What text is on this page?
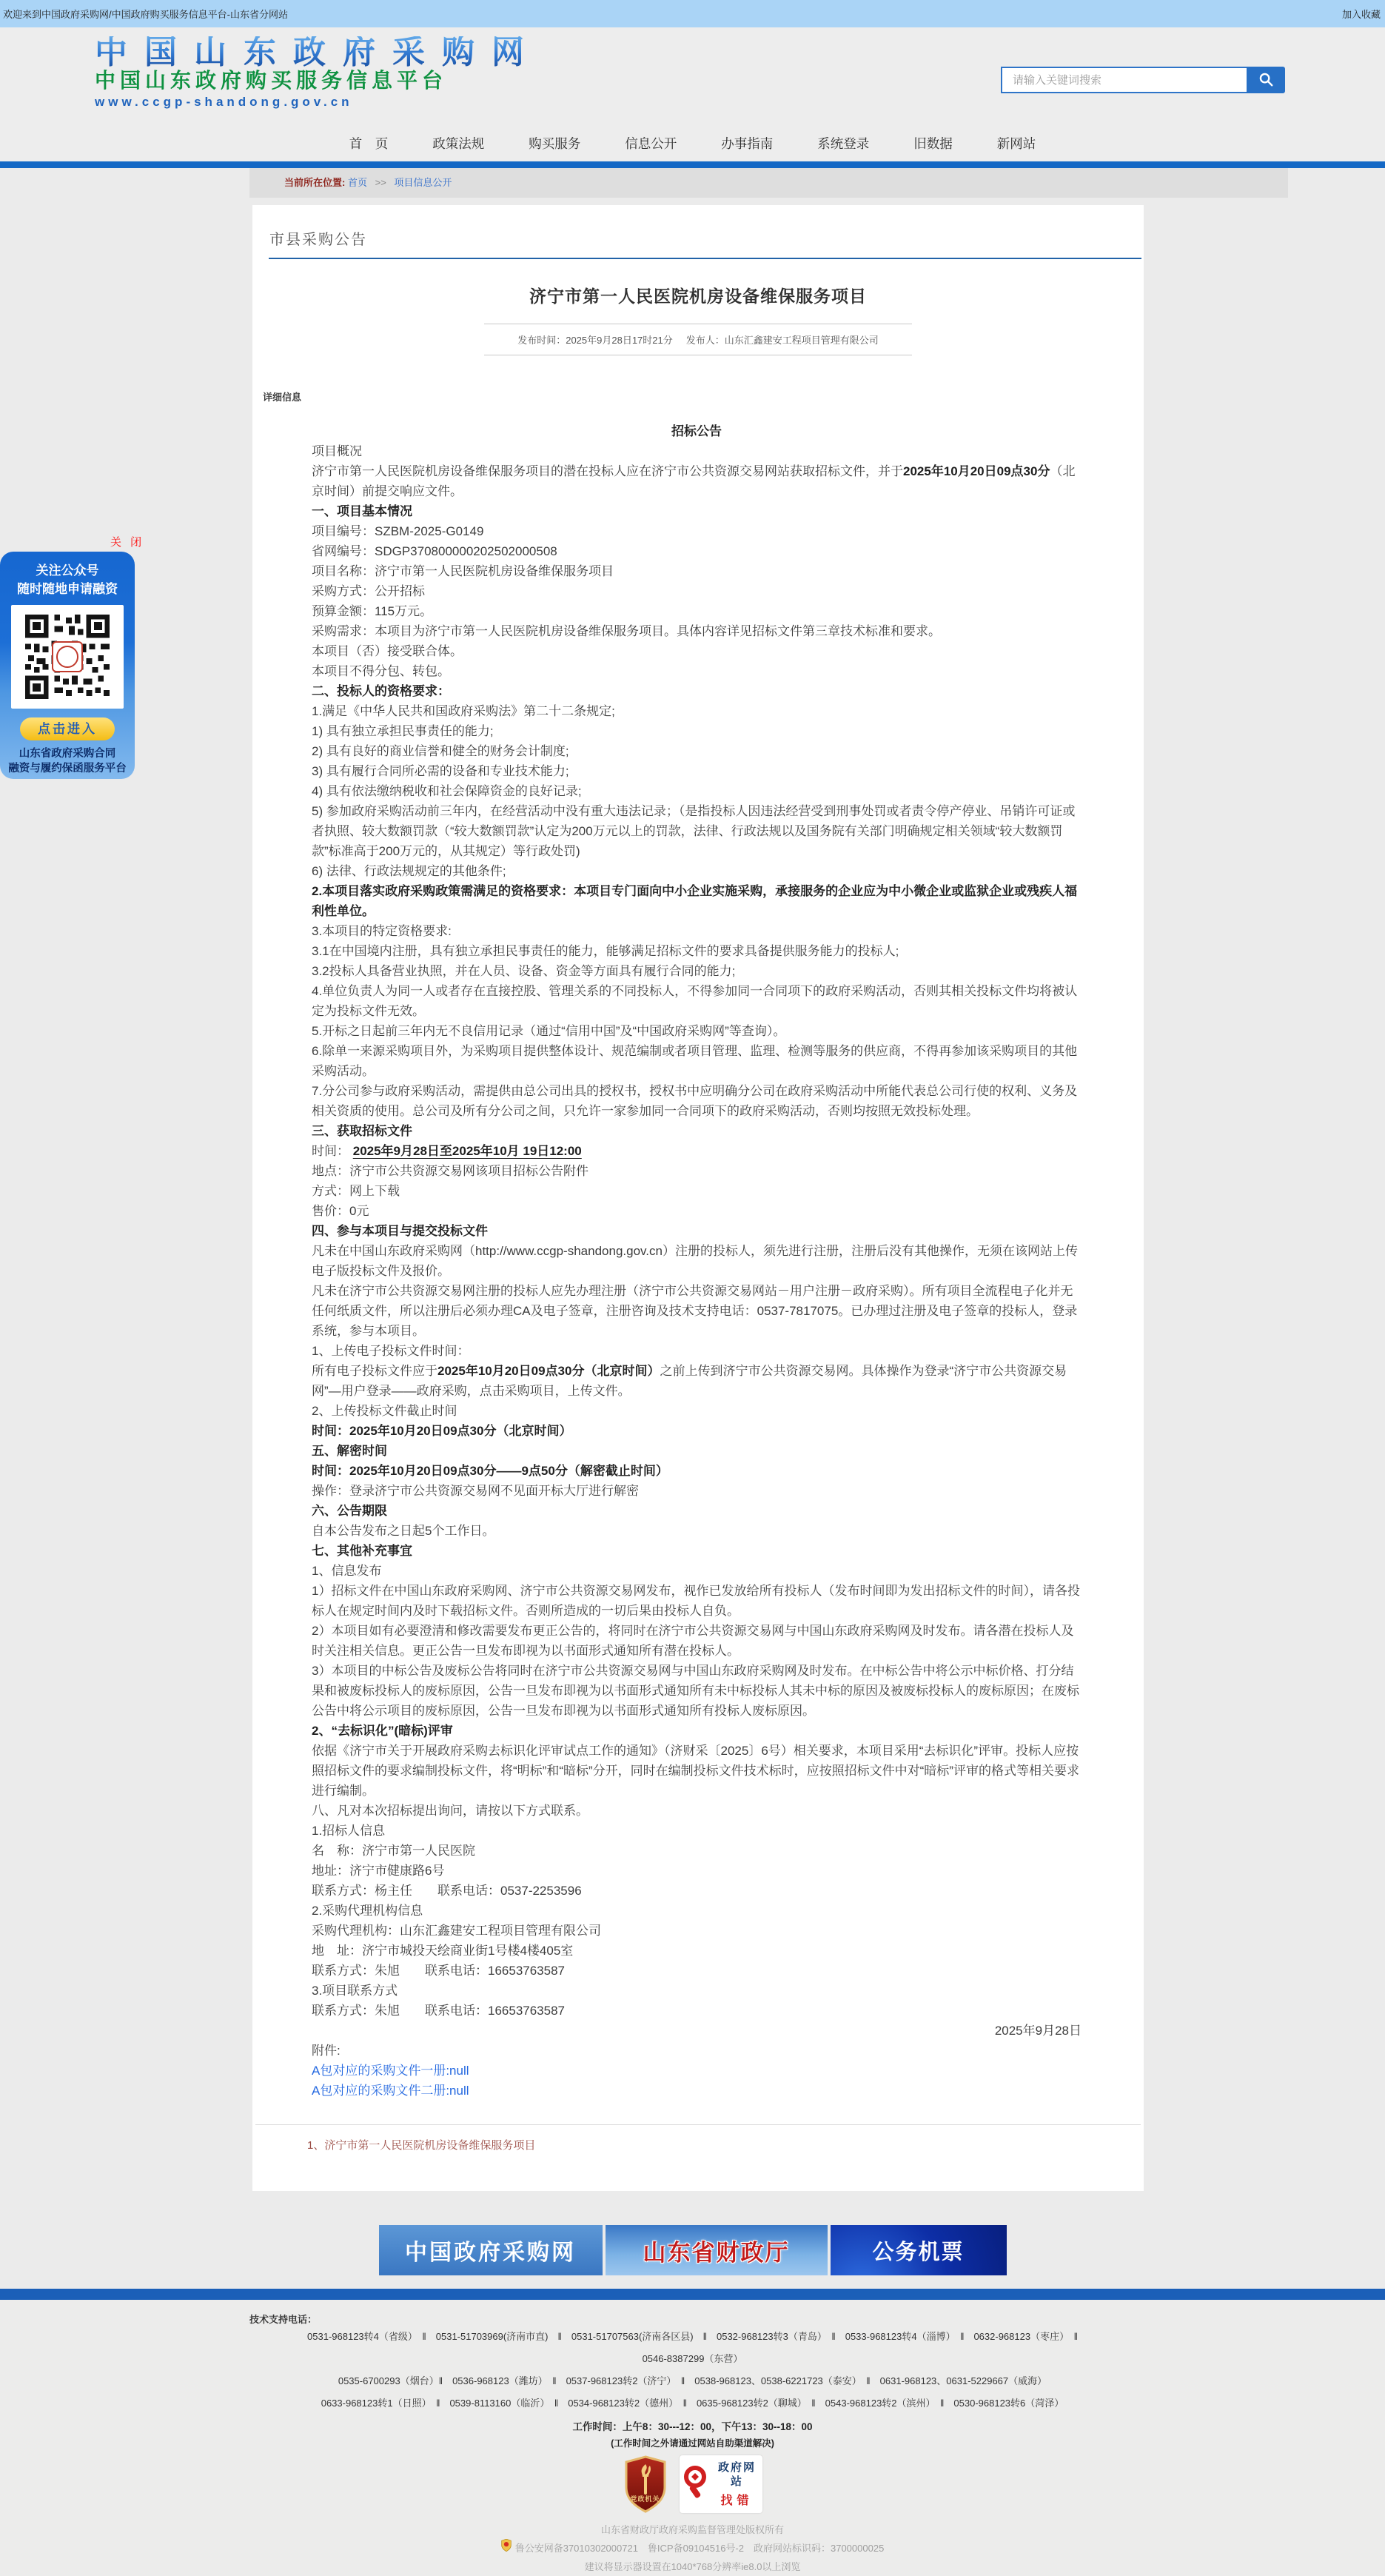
欢迎来到中国政府采购网/中国政府购买服务信息平台-山东省分网站	加入收藏
中国山东政府采购网
中国山东政府购买服务信息平台
www.ccgp-shandong.gov.cn
请输入关键词搜索
首　页	政策法规	购买服务	信息公开	办事指南	系统登录	旧数据	新网站
当前所在位置: 首页 >> 项目信息公开
市县采购公告
济宁市第一人民医院机房设备维保服务项目
发布时间：2025年9月28日17时21分 发布人：山东汇鑫建安工程项目管理有限公司
详细信息

招标公告

项目概况

济宁市第一人民医院机房设备维保服务项目的潜在投标人应在济宁市公共资源交易网站获取招标文件，并于2025年10月20日09点30分（北京时间）前提交响应文件。

一、项目基本情况

项目编号：SZBM-2025-G0149

省网编号：SDGP370800000202502000508

项目名称：济宁市第一人民医院机房设备维保服务项目

采购方式：公开招标

预算金额：115万元。

采购需求：本项目为济宁市第一人民医院机房设备维保服务项目。具体内容详见招标文件第三章技术标准和要求。

本项目（否）接受联合体。

本项目不得分包、转包。

二、投标人的资格要求：

1.满足《中华人民共和国政府采购法》第二十二条规定;

1) 具有独立承担民事责任的能力;

2) 具有良好的商业信誉和健全的财务会计制度;

3) 具有履行合同所必需的设备和专业技术能力;

4) 具有依法缴纳税收和社会保障资金的良好记录;

5) 参加政府采购活动前三年内，在经营活动中没有重大违法记录；（是指投标人因违法经营受到刑事处罚或者责令停产停业、吊销许可证或者执照、较大数额罚款（“较大数额罚款”认定为200万元以上的罚款，法律、行政法规以及国务院有关部门明确规定相关领域“较大数额罚款”标准高于200万元的，从其规定）等行政处罚)

6) 法律、行政法规规定的其他条件;

2.本项目落实政府采购政策需满足的资格要求：本项目专门面向中小企业实施采购，承接服务的企业应为中小微企业或监狱企业或残疾人福利性单位。

3.本项目的特定资格要求:

3.1在中国境内注册，具有独立承担民事责任的能力，能够满足招标文件的要求具备提供服务能力的投标人;

3.2投标人具备营业执照，并在人员、设备、资金等方面具有履行合同的能力;

4.单位负责人为同一人或者存在直接控股、管理关系的不同投标人，不得参加同一合同项下的政府采购活动，否则其相关投标文件均将被认定为投标文件无效。

5.开标之日起前三年内无不良信用记录（通过“信用中国”及“中国政府采购网”等查询）。

6.除单一来源采购项目外，为采购项目提供整体设计、规范编制或者项目管理、监理、检测等服务的供应商，不得再参加该采购项目的其他采购活动。

7.分公司参与政府采购活动，需提供由总公司出具的授权书，授权书中应明确分公司在政府采购活动中所能代表总公司行使的权利、义务及相关资质的使用。总公司及所有分公司之间，只允许一家参加同一合同项下的政府采购活动，否则均按照无效投标处理。

三、获取招标文件

时间： 2025年9月28日至2025年10月 19日12:00

地点：济宁市公共资源交易网该项目招标公告附件

方式：网上下载

售价：0元

四、参与本项目与提交投标文件

凡未在中国山东政府采购网（http://www.ccgp-shandong.gov.cn）注册的投标人，须先进行注册，注册后没有其他操作，无须在该网站上传电子版投标文件及报价。

凡未在济宁市公共资源交易网注册的投标人应先办理注册（济宁市公共资源交易网站－用户注册－政府采购）。所有项目全流程电子化并无任何纸质文件，所以注册后必须办理CA及电子签章，注册咨询及技术支持电话：0537-7817075。已办理过注册及电子签章的投标人，登录系统，参与本项目。

1、上传电子投标文件时间：

所有电子投标文件应于2025年10月20日09点30分（北京时间）之前上传到济宁市公共资源交易网。具体操作为登录“济宁市公共资源交易网”—用户登录——政府采购，点击采购项目，上传文件。

2、上传投标文件截止时间

时间：2025年10月20日09点30分（北京时间）

五、解密时间

时间：2025年10月20日09点30分——9点50分（解密截止时间）

操作：登录济宁市公共资源交易网不见面开标大厅进行解密

六、公告期限

自本公告发布之日起5个工作日。

七、其他补充事宜

1、信息发布

1）招标文件在中国山东政府采购网、济宁市公共资源交易网发布，视作已发放给所有投标人（发布时间即为发出招标文件的时间），请各投标人在规定时间内及时下载招标文件。否则所造成的一切后果由投标人自负。

2）本项目如有必要澄清和修改需要发布更正公告的，将同时在济宁市公共资源交易网与中国山东政府采购网及时发布。请各潜在投标人及时关注相关信息。更正公告一旦发布即视为以书面形式通知所有潜在投标人。

3）本项目的中标公告及废标公告将同时在济宁市公共资源交易网与中国山东政府采购网及时发布。在中标公告中将公示中标价格、打分结果和被废标投标人的废标原因，公告一旦发布即视为以书面形式通知所有未中标投标人其未中标的原因及被废标投标人的废标原因；在废标公告中将公示项目的废标原因，公告一旦发布即视为以书面形式通知所有投标人废标原因。

2、“去标识化”(暗标)评审

依据《济宁市关于开展政府采购去标识化评审试点工作的通知》（济财采〔2025〕6号）相关要求，本项目采用“去标识化”评审。投标人应按照招标文件的要求编制投标文件，将“明标”和“暗标”分开，同时在编制投标文件技术标时，应按照招标文件中对“暗标”评审的格式等相关要求进行编制。

八、凡对本次招标提出询问，请按以下方式联系。

1.招标人信息

名　称：济宁市第一人民医院

地址：济宁市健康路6号

联系方式：杨主任　　联系电话：0537-2253596

2.采购代理机构信息

采购代理机构：山东汇鑫建安工程项目管理有限公司

地　址：济宁市城投天绘商业街1号楼4楼405室

联系方式：朱旭　　联系电话：16653763587

3.项目联系方式

联系方式：朱旭　　联系电话：16653763587

2025年9月28日

附件:

A包对应的采购文件一册:null

A包对应的采购文件二册:null

1、济宁市第一人民医院机房设备维保服务项目
中国政府采购网	山东省财政厅	公务机票
技术支持电话：
0531-968123转4（省级）　‖　0531-51703969(济南市直)　‖　0531-51707563(济南各区县)　‖　0532-968123转3（青岛）　‖　0533-968123转4（淄博）　‖　0632-968123（枣庄）　‖
0546-8387299（东营）
0535-6700293（烟台）‖　0536-968123（潍坊）　‖　0537-968123转2（济宁）　‖　0538-968123、0538-6221723（泰安）　‖　0631-968123、0631-5229667（威海）
0633-968123转1（日照）　‖　0539-8113160（临沂）　‖　0534-968123转2（德州）　‖　0635-968123转2（聊城）　‖　0543-968123转2（滨州）　‖　0530-968123转6（菏泽）
工作时间：上午8：30---12：00，下午13：30--18：00
(工作时间之外请通过网站自助渠道解决)
党政机关
政府网站
找错
山东省财政厅政府采购监督管理处版权所有
鲁公安网备37010302000721　鲁ICP备09104516号-2　政府网站标识码：3700000025
建议将显示器设置在1040*768分辨率ie8.0以上浏览
关 闭
关注公众号
随时随地申请融资
点击进入
山东省政府采购合同
融资与履约保函服务平台
